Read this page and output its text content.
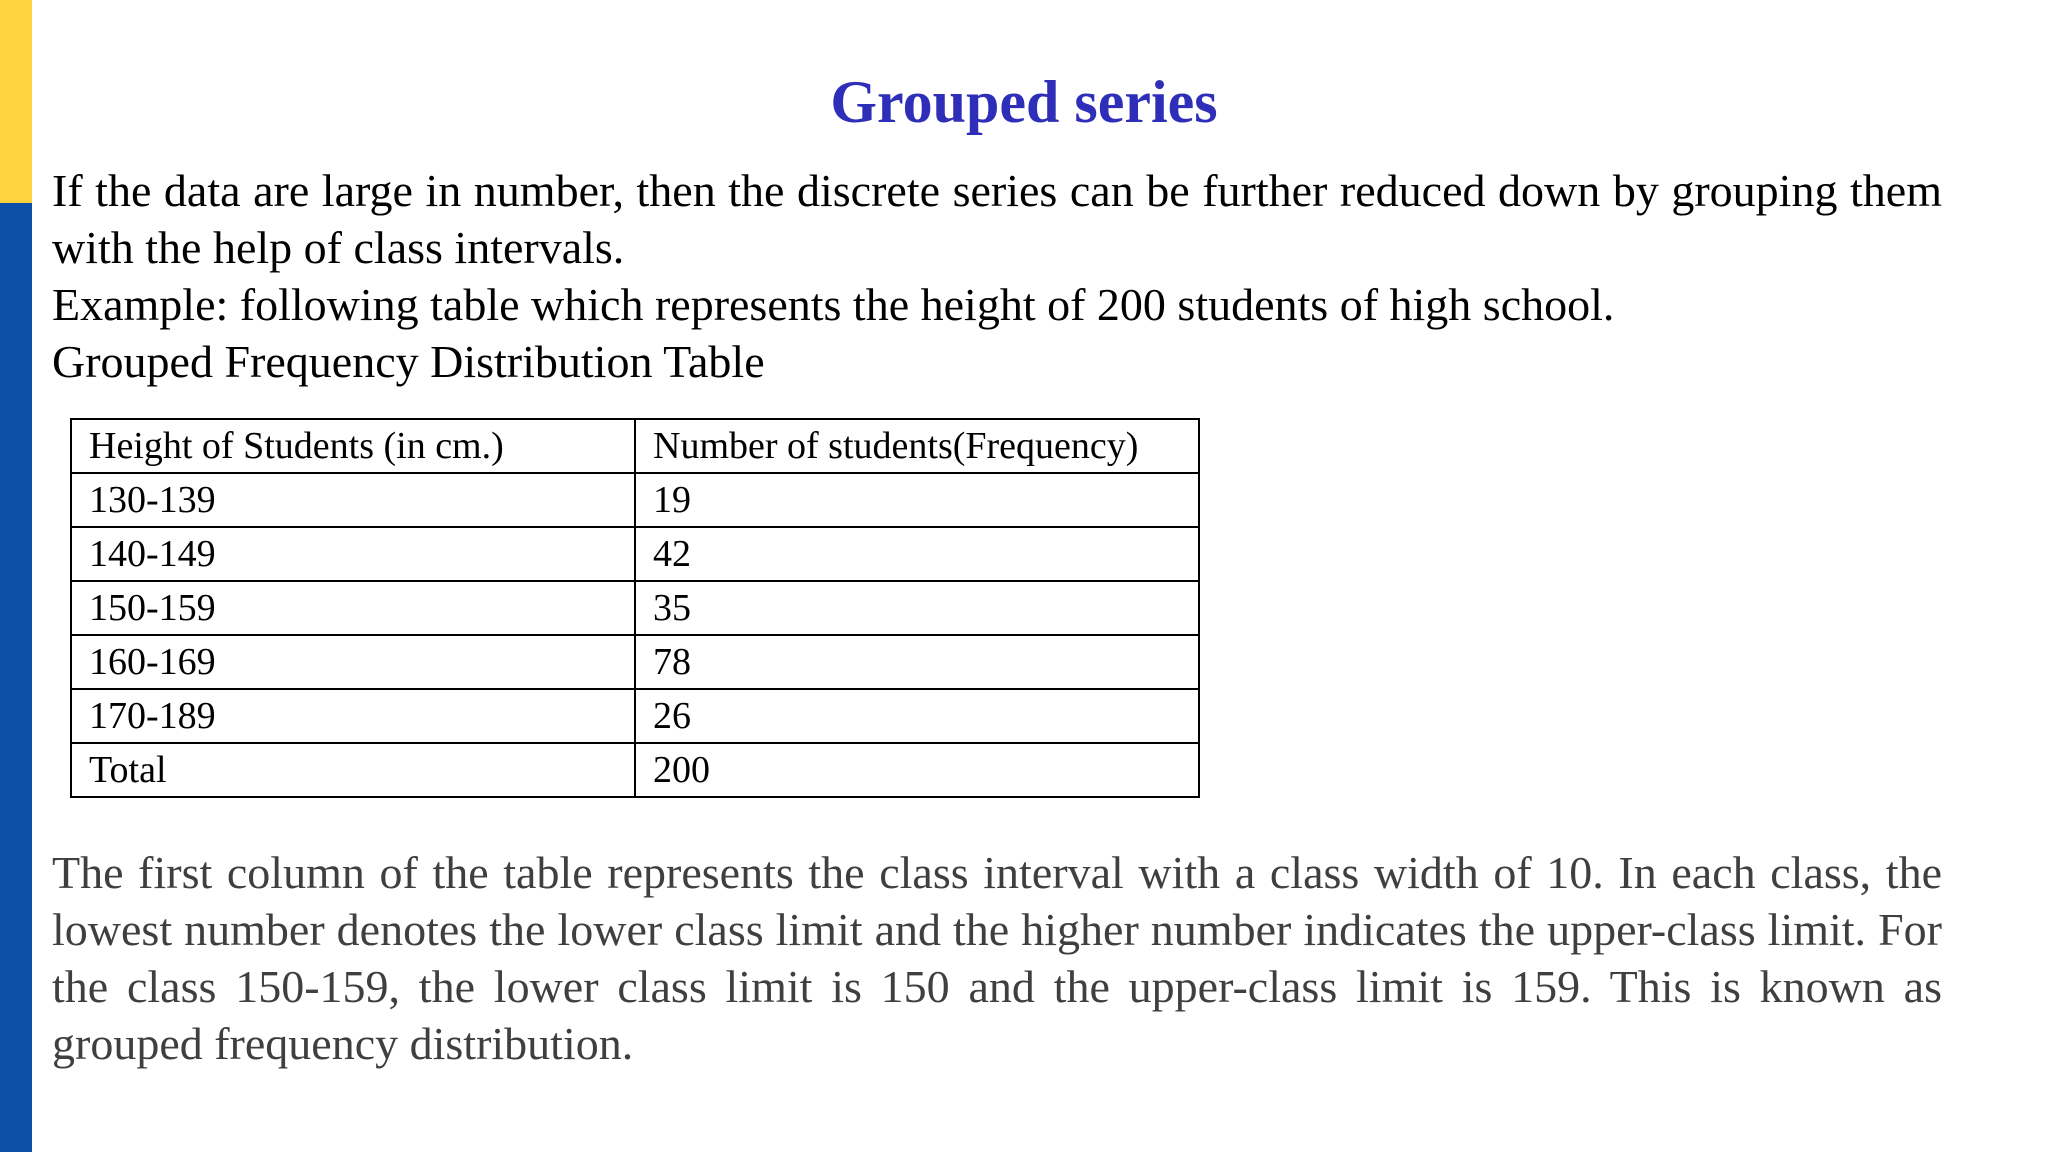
Grouped series
If the data are large in number, then the discrete series can be further reduced down by grouping them with the help of class intervals.
Example: following table which represents the height of 200 students of high school.
Grouped Frequency Distribution Table
Height of Students (in cm.)	Number of students(Frequency)
130-139	19
140-149	42
150-159	35
160-169	78
170-189	26
Total	200

The first column of the table represents the class interval with a class width of 10. In each class, the lowest number denotes the lower class limit and the higher number indicates the upper-class limit. For the class 150-159, the lower class limit is 150 and the upper-class limit is 159. This is known as grouped frequency distribution.
